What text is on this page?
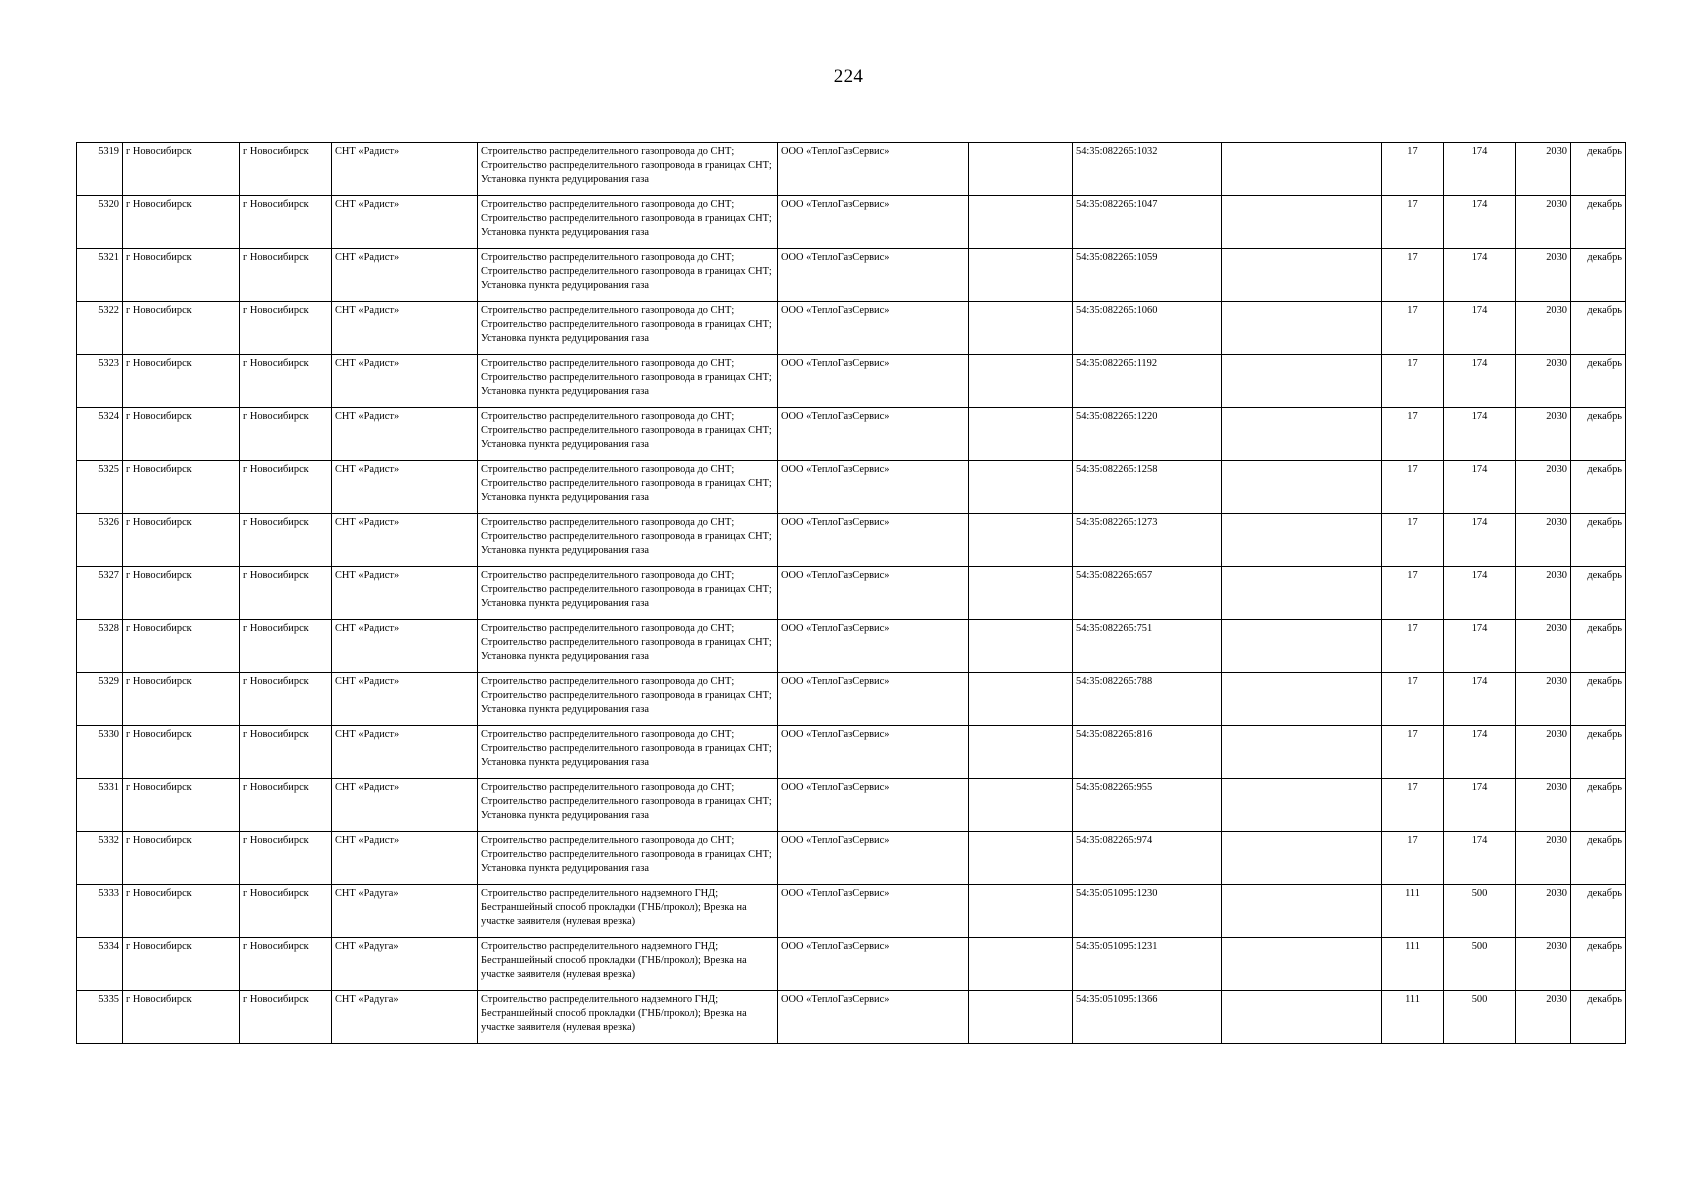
224
5319	г Новосибирск	г Новосибирск	СНТ «Радист»	Строительство распределительного газопровода до СНТ; Строительство распределительного газопровода в границах СНТ; Установка пункта редуцирования газа	ООО «ТеплоГазСервис»		54:35:082265:1032		17	174	2030	декабрь
5320	г Новосибирск	г Новосибирск	СНТ «Радист»	Строительство распределительного газопровода до СНТ; Строительство распределительного газопровода в границах СНТ; Установка пункта редуцирования газа	ООО «ТеплоГазСервис»		54:35:082265:1047		17	174	2030	декабрь
5321	г Новосибирск	г Новосибирск	СНТ «Радист»	Строительство распределительного газопровода до СНТ; Строительство распределительного газопровода в границах СНТ; Установка пункта редуцирования газа	ООО «ТеплоГазСервис»		54:35:082265:1059		17	174	2030	декабрь
5322	г Новосибирск	г Новосибирск	СНТ «Радист»	Строительство распределительного газопровода до СНТ; Строительство распределительного газопровода в границах СНТ; Установка пункта редуцирования газа	ООО «ТеплоГазСервис»		54:35:082265:1060		17	174	2030	декабрь
5323	г Новосибирск	г Новосибирск	СНТ «Радист»	Строительство распределительного газопровода до СНТ; Строительство распределительного газопровода в границах СНТ; Установка пункта редуцирования газа	ООО «ТеплоГазСервис»		54:35:082265:1192		17	174	2030	декабрь
5324	г Новосибирск	г Новосибирск	СНТ «Радист»	Строительство распределительного газопровода до СНТ; Строительство распределительного газопровода в границах СНТ; Установка пункта редуцирования газа	ООО «ТеплоГазСервис»		54:35:082265:1220		17	174	2030	декабрь
5325	г Новосибирск	г Новосибирск	СНТ «Радист»	Строительство распределительного газопровода до СНТ; Строительство распределительного газопровода в границах СНТ; Установка пункта редуцирования газа	ООО «ТеплоГазСервис»		54:35:082265:1258		17	174	2030	декабрь
5326	г Новосибирск	г Новосибирск	СНТ «Радист»	Строительство распределительного газопровода до СНТ; Строительство распределительного газопровода в границах СНТ; Установка пункта редуцирования газа	ООО «ТеплоГазСервис»		54:35:082265:1273		17	174	2030	декабрь
5327	г Новосибирск	г Новосибирск	СНТ «Радист»	Строительство распределительного газопровода до СНТ; Строительство распределительного газопровода в границах СНТ; Установка пункта редуцирования газа	ООО «ТеплоГазСервис»		54:35:082265:657		17	174	2030	декабрь
5328	г Новосибирск	г Новосибирск	СНТ «Радист»	Строительство распределительного газопровода до СНТ; Строительство распределительного газопровода в границах СНТ; Установка пункта редуцирования газа	ООО «ТеплоГазСервис»		54:35:082265:751		17	174	2030	декабрь
5329	г Новосибирск	г Новосибирск	СНТ «Радист»	Строительство распределительного газопровода до СНТ; Строительство распределительного газопровода в границах СНТ; Установка пункта редуцирования газа	ООО «ТеплоГазСервис»		54:35:082265:788		17	174	2030	декабрь
5330	г Новосибирск	г Новосибирск	СНТ «Радист»	Строительство распределительного газопровода до СНТ; Строительство распределительного газопровода в границах СНТ; Установка пункта редуцирования газа	ООО «ТеплоГазСервис»		54:35:082265:816		17	174	2030	декабрь
5331	г Новосибирск	г Новосибирск	СНТ «Радист»	Строительство распределительного газопровода до СНТ; Строительство распределительного газопровода в границах СНТ; Установка пункта редуцирования газа	ООО «ТеплоГазСервис»		54:35:082265:955		17	174	2030	декабрь
5332	г Новосибирск	г Новосибирск	СНТ «Радист»	Строительство распределительного газопровода до СНТ; Строительство распределительного газопровода в границах СНТ; Установка пункта редуцирования газа	ООО «ТеплоГазСервис»		54:35:082265:974		17	174	2030	декабрь
5333	г Новосибирск	г Новосибирск	СНТ «Радуга»	Строительство распределительного надземного ГНД; Бестраншейный способ прокладки (ГНБ/прокол); Врезка на участке заявителя (нулевая врезка)	ООО «ТеплоГазСервис»		54:35:051095:1230		111	500	2030	декабрь
5334	г Новосибирск	г Новосибирск	СНТ «Радуга»	Строительство распределительного надземного ГНД; Бестраншейный способ прокладки (ГНБ/прокол); Врезка на участке заявителя (нулевая врезка)	ООО «ТеплоГазСервис»		54:35:051095:1231		111	500	2030	декабрь
5335	г Новосибирск	г Новосибирск	СНТ «Радуга»	Строительство распределительного надземного ГНД; Бестраншейный способ прокладки (ГНБ/прокол); Врезка на участке заявителя (нулевая врезка)	ООО «ТеплоГазСервис»		54:35:051095:1366		111	500	2030	декабрь
